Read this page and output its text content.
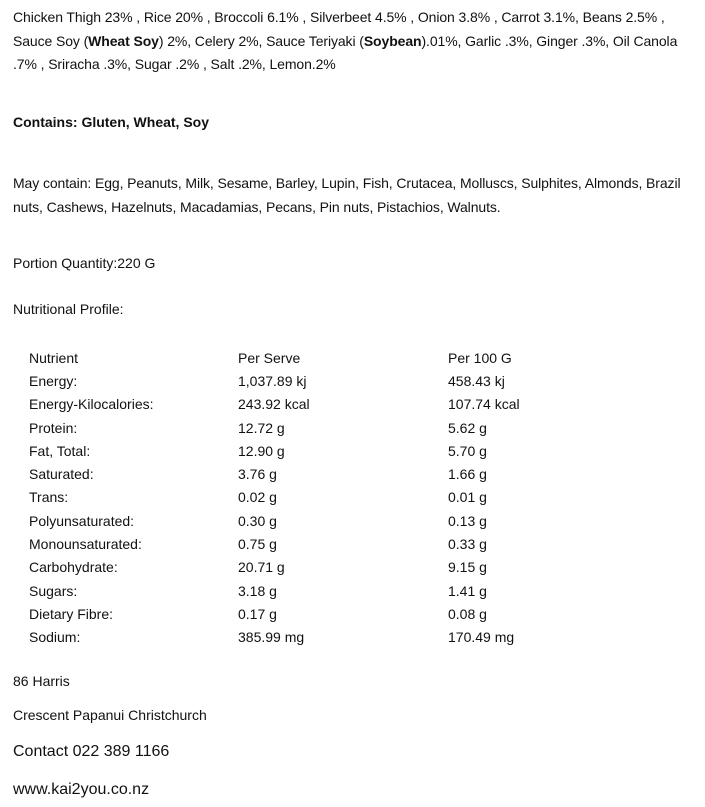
Chicken Thigh 23% , Rice 20% , Broccoli 6.1% , Silverbeet 4.5% , Onion 3.8% , Carrot 3.1%, Beans 2.5% , Sauce Soy (Wheat Soy) 2%, Celery 2%, Sauce Teriyaki (Soybean).01%, Garlic .3%, Ginger .3%, Oil Canola .7% , Sriracha .3%, Sugar .2% , Salt .2%, Lemon.2%

Contains: Gluten, Wheat, Soy

May contain: Egg, Peanuts, Milk, Sesame, Barley, Lupin, Fish, Crutacea, Molluscs, Sulphites, Almonds, Brazil nuts, Cashews, Hazelnuts, Macadamias, Pecans, Pin nuts, Pistachios, Walnuts.

Portion Quantity:220 G

Nutritional Profile:

Nutrient	Per Serve	Per 100 G
Energy:	1,037.89 kj	458.43 kj
Energy-Kilocalories:	243.92 kcal	107.74 kcal
Protein:	12.72 g	5.62 g
Fat, Total:	12.90 g	5.70 g
Saturated:	3.76 g	1.66 g
Trans:	0.02 g	0.01 g
Polyunsaturated:	0.30 g	0.13 g
Monounsaturated:	0.75 g	0.33 g
Carbohydrate:	20.71 g	9.15 g
Sugars:	3.18 g	1.41 g
Dietary Fibre:	0.17 g	0.08 g
Sodium:	385.99 mg	170.49 mg

86 Harris

Crescent Papanui Christchurch

Contact 022 389 1166

www.kai2you.co.nz
